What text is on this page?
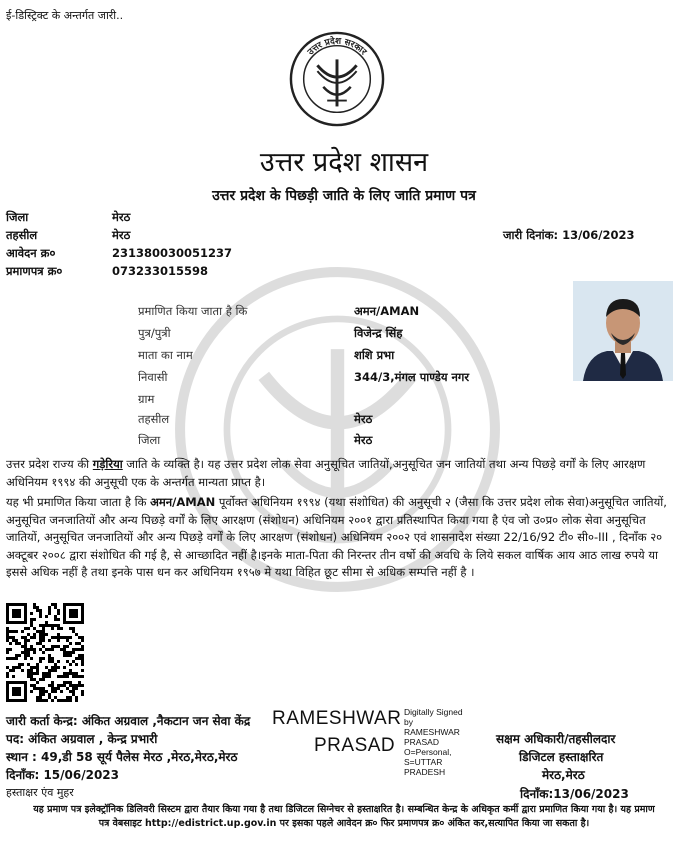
ई-डिस्ट्रिक्ट के अन्तर्गत जारी..
उत्तर प्रदेश सरकार
उत्तर प्रदेश शासन
उत्तर प्रदेश के पिछड़ी जाति के लिए जाति प्रमाण पत्र
जिला	मेरठ
तहसील	मेरठ
आवेदन क्र०	231380030051237
प्रमाणपत्र क्र०	073233015598
जारी दिनांक: 13/06/2023
प्रमाणित किया जाता है कि	अमन/AMAN
पुत्र/पुत्री	विजेन्द्र सिंह
माता का नाम	शशि प्रभा
निवासी	344/3,मंगल पाण्डेय नगर
ग्राम
तहसील	मेरठ
जिला	मेरठ
उत्तर प्रदेश राज्य की गड़ेरिया जाति के व्यक्ति है। यह उत्तर प्रदेश लोक सेवा अनुसूचित जातियों,अनुसूचित जन जातियों तथा अन्य पिछड़े वर्गों के लिए आरक्षण अधिनियम १९९४ की अनुसूची एक के अन्तर्गत मान्यता प्राप्त है।
यह भी प्रमाणित किया जाता है कि अमन/AMAN पूर्वोक्त अधिनियम १९९४ (यथा संशोधित) की अनुसूची २ (जैसा कि उत्तर प्रदेश लोक सेवा)अनुसूचित जातियों, अनुसूचित जनजातियों और अन्य पिछड़े वर्गों के लिए आरक्षण (संशोधन) अधिनियम २००१ द्वारा प्रतिस्थापित किया गया है एंव जो उ०प्र० लोक सेवा अनुसूचित जातियों, अनुसूचित जनजातियों और अन्य पिछड़े वर्गों के लिए आरक्षण (संशोधन) अधिनियम २००२ एवं शासनादेश संख्या 22/16/92 टी० सी०-III , दिनाँक २० अक्टूबर २००८ द्वारा संशोधित की गई है, से आच्छादित नहीं है।इनके माता-पिता की निरन्तर तीन वर्षो की अवधि के लिये सकल वार्षिक आय आठ लाख रुपये या इससे अधिक नहीं है तथा इनके पास धन कर अधिनियम १९५७ मे यथा विहित छूट सीमा से अधिक सम्पत्ति नहीं है ।
जारी कर्ता केन्द्र: अंकित अग्रवाल ,नैकटान जन सेवा केंद्र
पद: अंकित अग्रवाल , केन्द्र प्रभारी
स्थान : 49,डी 58 सूर्य पैलेस मेरठ ,मेरठ,मेरठ,मेरठ
दिनाँक: 15/06/2023
हस्ताक्षर एंव मुहर
RAMESHWAR
PRASAD
Digitally Signed
by
RAMESHWAR
PRASAD
O=Personal,
S=UTTAR
PRADESH
सक्षम अधिकारी/तहसीलदार
डिजिटल हस्ताक्षरित
मेरठ,मेरठ
दिनाँक:13/06/2023
यह प्रमाण पत्र इलेक्ट्रॉनिक डिलिवरी सिस्टम द्वारा तैयार किया गया है तथा डिजिटल सिग्नेचर से हस्ताक्षरित है। सम्बन्धित केन्द्र के अधिकृत कर्मी द्वारा प्रमाणित किया गया है। यह प्रमाण
पत्र वेबसाइट http://edistrict.up.gov.in पर इसका पहले आवेदन क्र० फिर प्रमाणपत्र क्र० अंकित कर,सत्यापित किया जा सकता है।
